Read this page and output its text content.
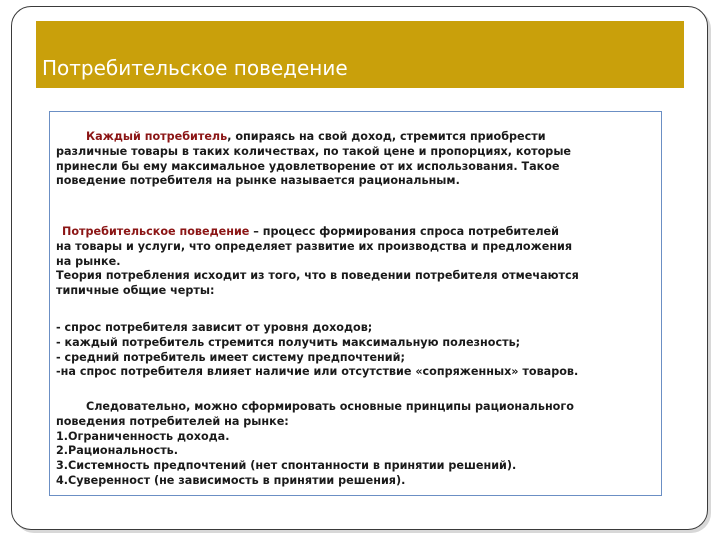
Потребительское поведение

Каждый потребитель, опираясь на свой доход, стремится приобрести
различные товары в таких количествах, по такой цене и пропорциях, которые
принесли бы ему максимальное удовлетворение от их использования. Такое
поведение потребителя на рынке называется рациональным.

Потребительское поведение – процесс формирования спроса потребителей
на товары и услуги, что определяет развитие их производства и предложения
на рынке.
Теория потребления исходит из того, что в поведении потребителя отмечаются
типичные общие черты:

- спрос потребителя зависит от уровня доходов;
- каждый потребитель стремится получить максимальную полезность;
- средний потребитель имеет систему предпочтений;
-на спрос потребителя влияет наличие или отсутствие «сопряженных» товаров.

Следовательно, можно сформировать основные принципы рационального
поведения потребителей на рынке:
1.Ограниченность дохода.
2.Рациональность.
3.Системность предпочтений (нет спонтанности в принятии решений).
4.Суверенност (не зависимость в принятии решения).
